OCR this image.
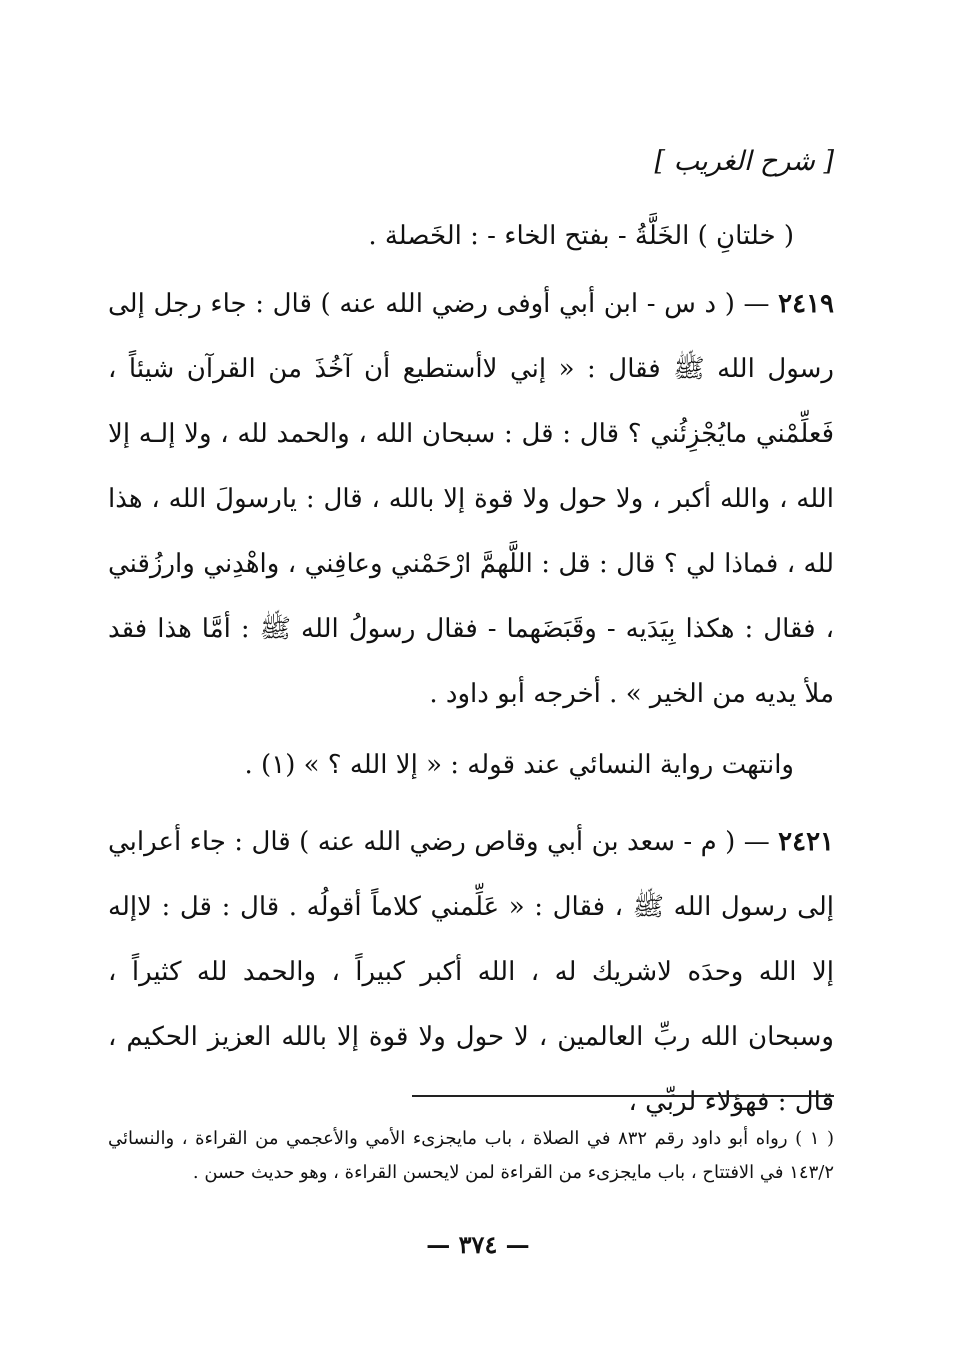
[ شرح الغريب ]
( خلتانِ ) الخَلَّةُ - بفتح الخاء - : الخَصلة .
٢٤١٩ — ( د س - ابن أبي أوفى رضي الله عنه ) قال : جاء رجل إلى رسول الله ﷺ فقال : « إني لاأستطيع أن آخُذَ من القرآن شيئاً ، فَعلِّمْني مايُجْزِئُني ؟ قال : قل : سبحان الله ، والحمد لله ، ولا إلـه إلا الله ، والله أكبر ، ولا حول ولا قوة إلا بالله ، قال : يارسولَ الله ، هذا لله ، فماذا لي ؟ قال : قل : اللَّهمَّ ارْحَمْني وعافِني ، واهْدِني وارزُقني ، فقال : هكذا بِيَدَيه - وقَبَضَهما - فقال رسولُ الله ﷺ : أمَّا هذا فقد ملأ يديه من الخير » . أخرجه أبو داود .
وانتهت رواية النسائي عند قوله : « إلا الله ؟ » (١) .
٢٤٢١ — ( م - سعد بن أبي وقاص رضي الله عنه ) قال : جاء أعرابي إلى رسول الله ﷺ ، فقال : « عَلِّمني كلاماً أقولُه . قال : قل : لاإله إلا الله وحدَه لاشريك له ، الله أكبر كبيراً ، والحمد لله كثيراً ، وسبحان الله ربِّ العالمين ، لا حول ولا قوة إلا بالله العزيز الحكيم ، قال : فهؤلاء لربِّي ،
( ١ ) رواه أبو داود رقم ٨٣٢ في الصلاة ، باب مايجزىء الأمي والأعجمي من القراءة ، والنسائي ١٤٣/٢ في الافتتاح ، باب مايجزىء من القراءة لمن لايحسن القراءة ، وهو حديث حسن .
— ٣٧٤ —
